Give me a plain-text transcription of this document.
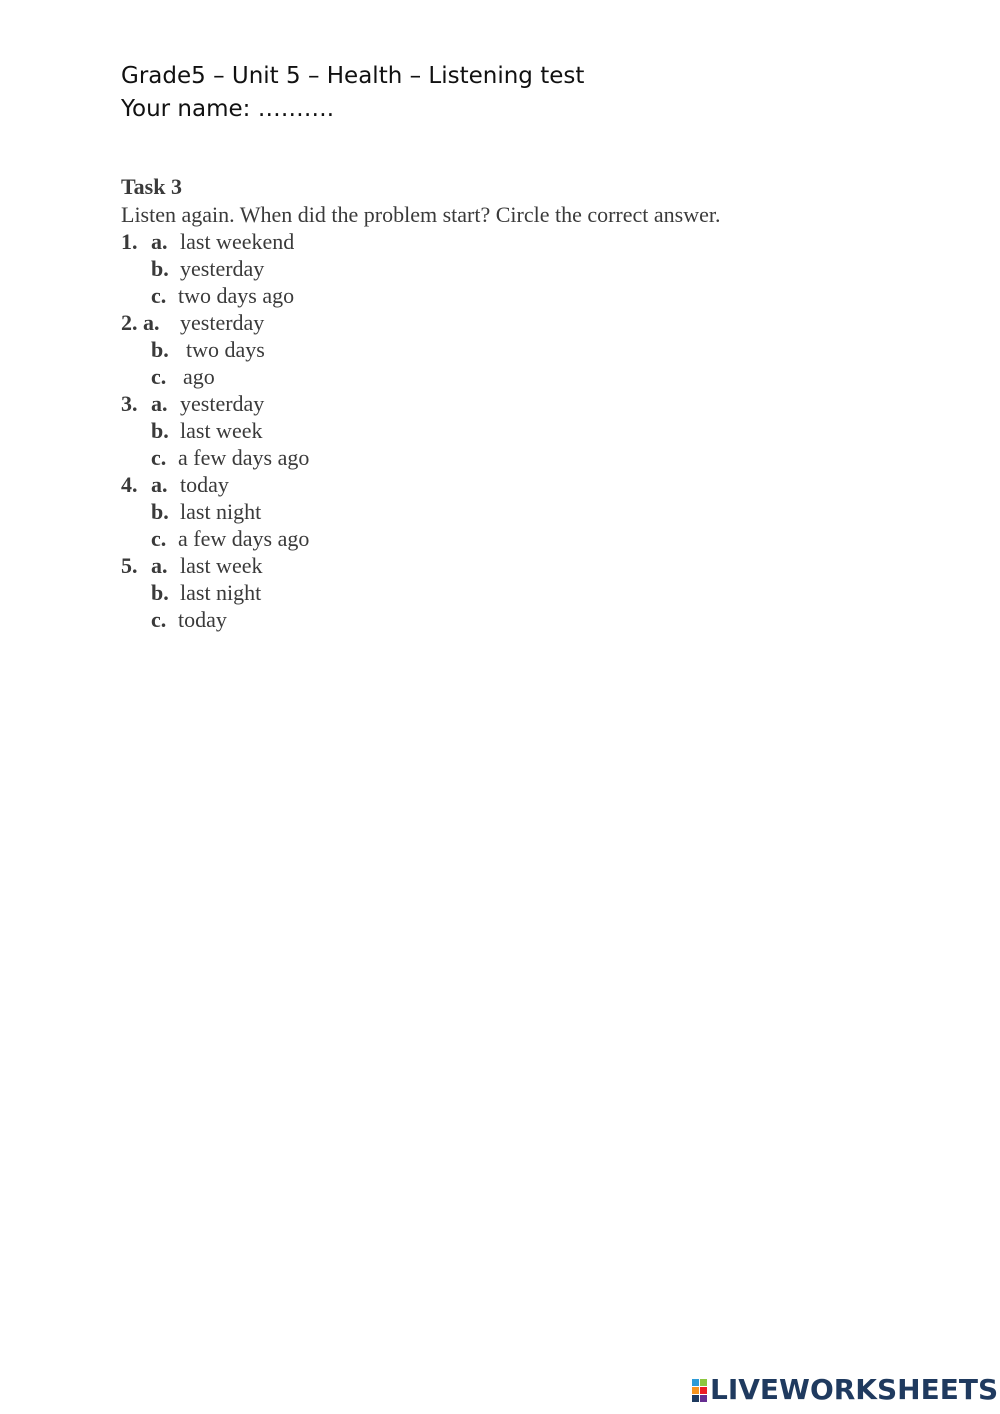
Grade5 – Unit 5 – Health – Listening test
Your name: ……….
Task 3
Listen again. When did the problem start? Circle the correct answer.
1. a. last weekend
b. yesterday
c. two days ago
2. a. yesterday
b. two days
c. ago
3. a. yesterday
b. last week
c. a few days ago
4. a. today
b. last night
c. a few days ago
5. a. last week
b. last night
c. today
LIVEWORKSHEETS
